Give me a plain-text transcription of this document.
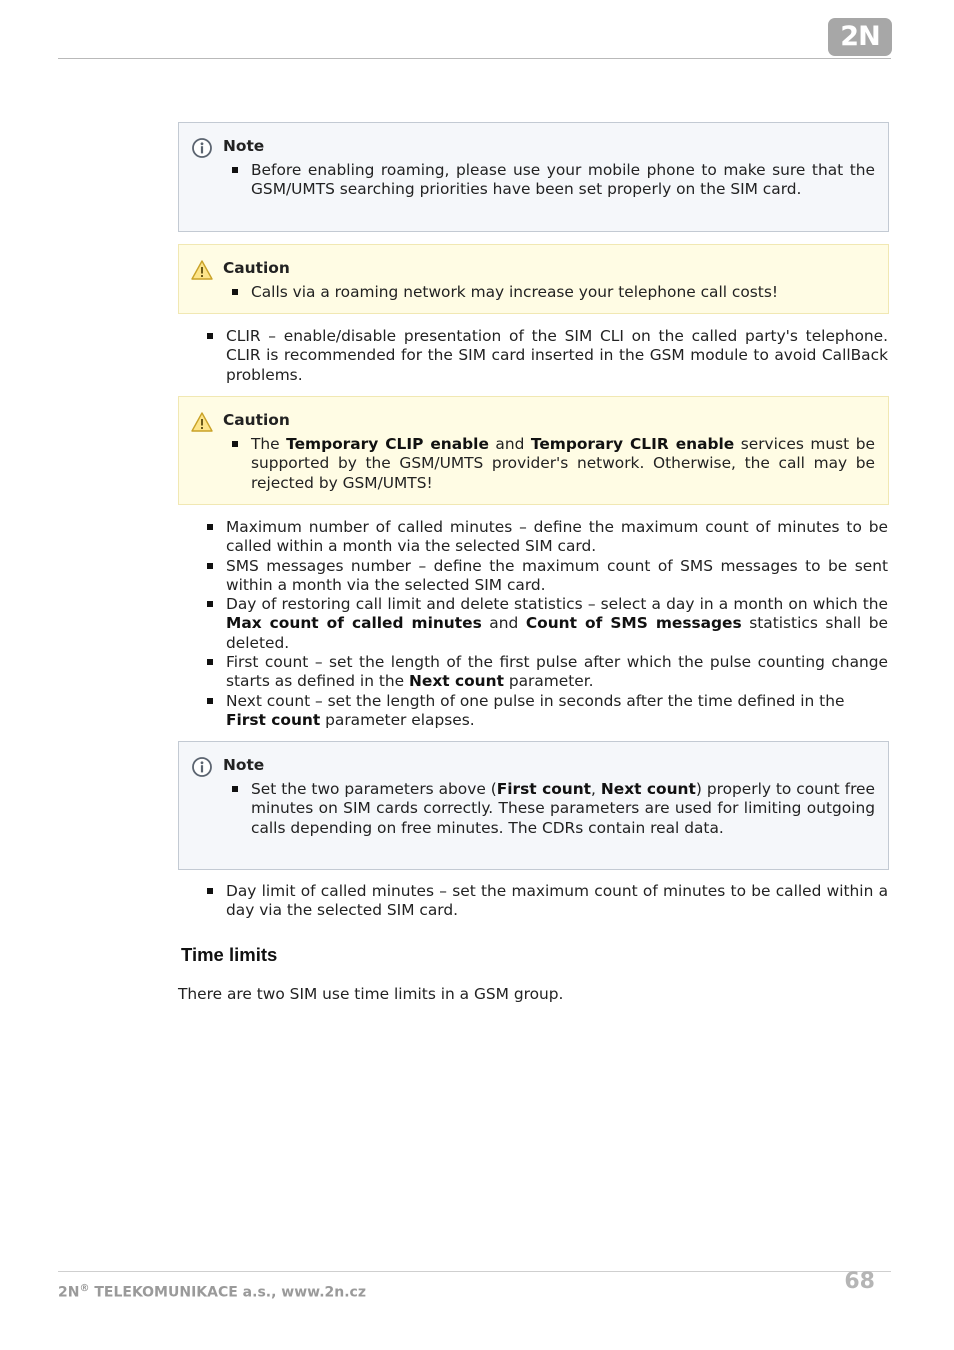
2N
Note
Before enabling roaming, please use your mobile phone to make sure that the GSM/UMTS searching priorities have been set properly on the SIM card.
Caution
Calls via a roaming network may increase your telephone call costs!
CLIR – enable/disable presentation of the SIM CLI on the called party's telephone. CLIR is recommended for the SIM card inserted in the GSM module to avoid CallBack problems.
Caution
The Temporary CLIP enable and Temporary CLIR enable services must be supported by the GSM/UMTS provider's network. Otherwise, the call may be rejected by GSM/UMTS!
Maximum number of called minutes – define the maximum count of minutes to be called within a month via the selected SIM card.
SMS messages number – define the maximum count of SMS messages to be sent within a month via the selected SIM card.
Day of restoring call limit and delete statistics – select a day in a month on which the Max count of called minutes and Count of SMS messages statistics shall be deleted.
First count – set the length of the first pulse after which the pulse counting change starts as defined in the Next count parameter.
Next count – set the length of one pulse in seconds after the time defined in the First count parameter elapses.
Note
Set the two parameters above (First count, Next count) properly to count free minutes on SIM cards correctly. These parameters are used for limiting outgoing calls depending on free minutes. The CDRs contain real data.
Day limit of called minutes – set the maximum count of minutes to be called within a day via the selected SIM card.
Time limits
There are two SIM use time limits in a GSM group.
2N® TELEKOMUNIKACE a.s., www.2n.cz	68
